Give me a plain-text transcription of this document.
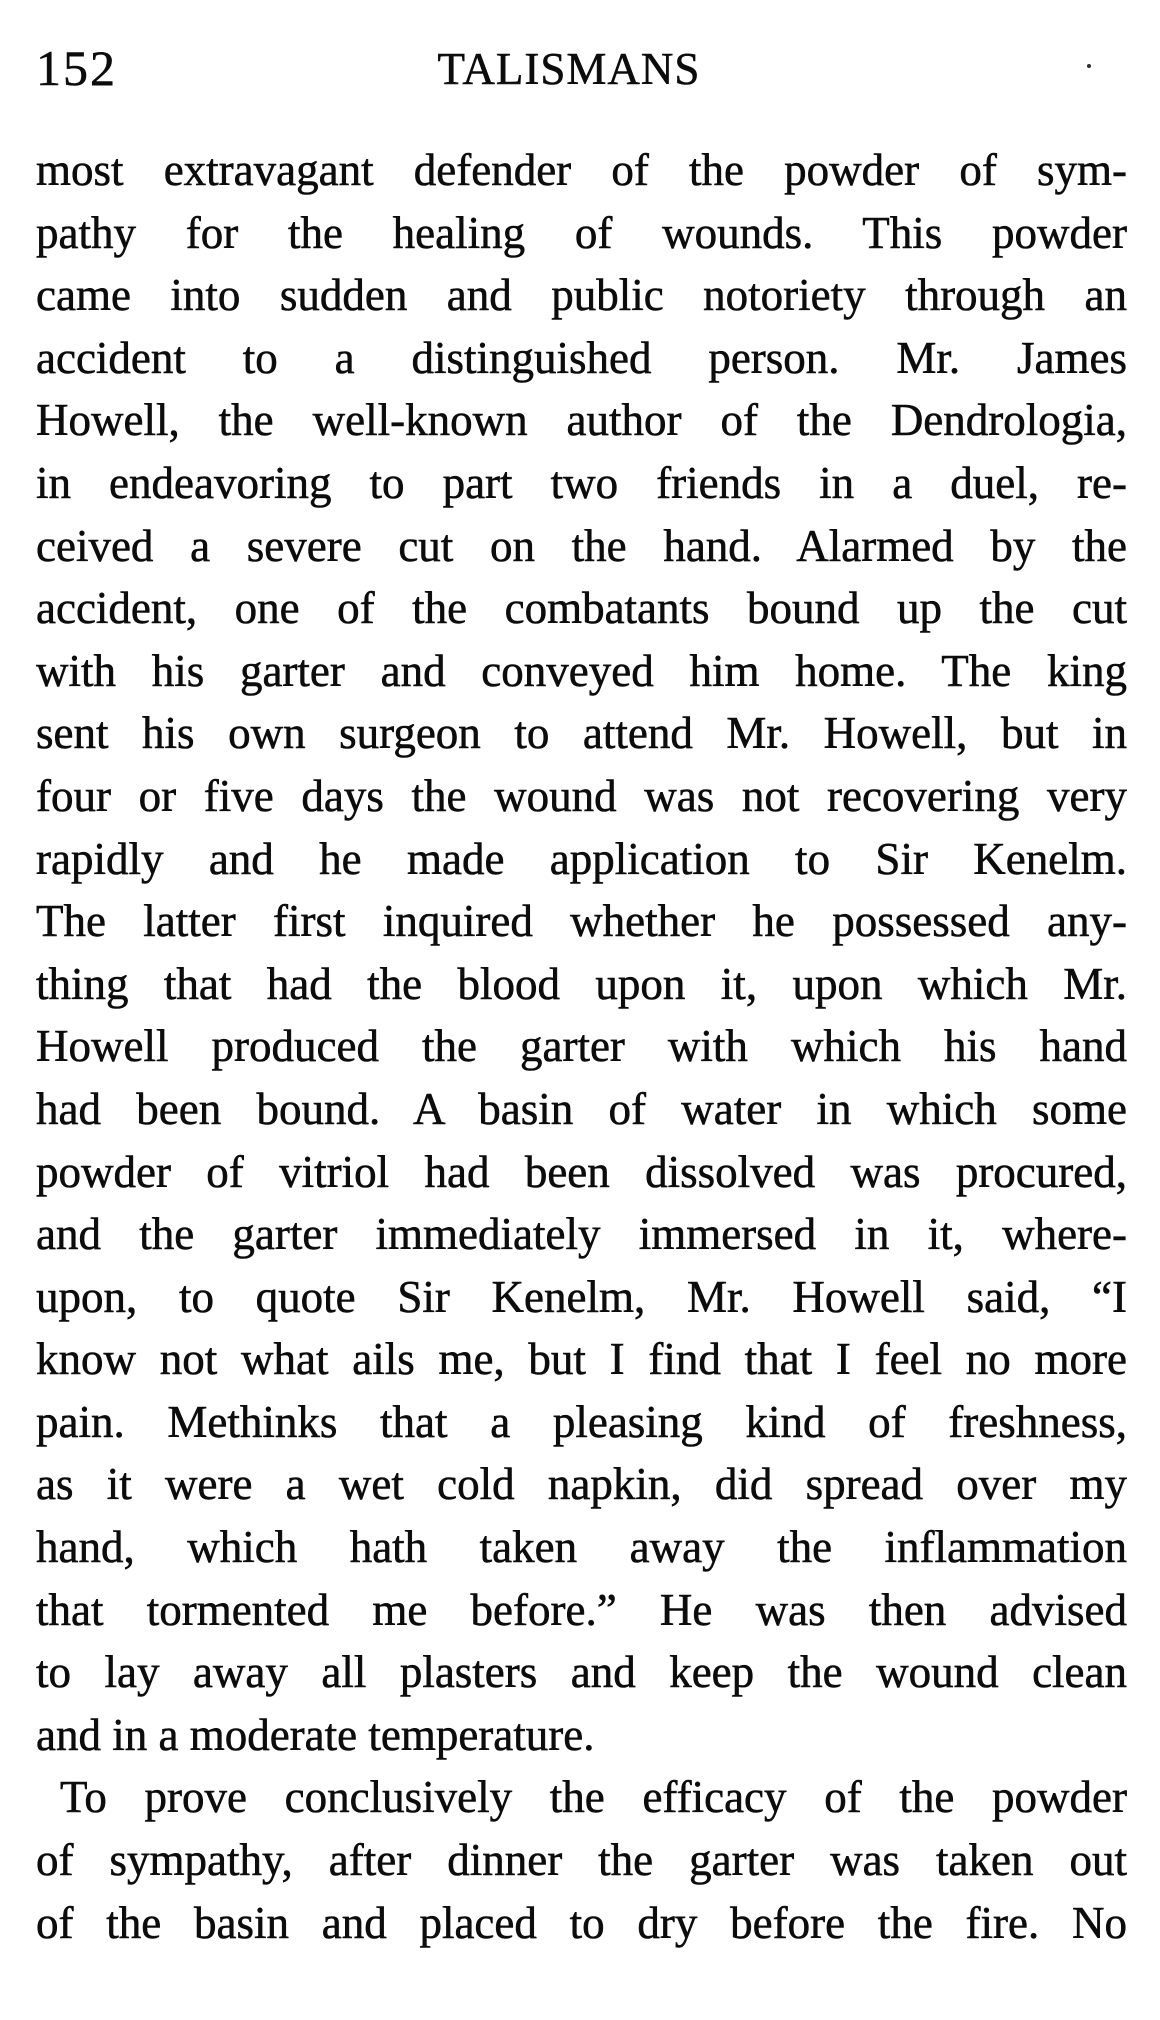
152	TALISMANS
most extravagant defender of the powder of sym-
pathy for the healing of wounds. This powder
came into sudden and public notoriety through an
accident to a distinguished person. Mr. James
Howell, the well-known author of the Dendrologia,
in endeavoring to part two friends in a duel, re-
ceived a severe cut on the hand. Alarmed by the
accident, one of the combatants bound up the cut
with his garter and conveyed him home. The king
sent his own surgeon to attend Mr. Howell, but in
four or five days the wound was not recovering very
rapidly and he made application to Sir Kenelm.
The latter first inquired whether he possessed any-
thing that had the blood upon it, upon which Mr.
Howell produced the garter with which his hand
had been bound. A basin of water in which some
powder of vitriol had been dissolved was procured,
and the garter immediately immersed in it, where-
upon, to quote Sir Kenelm, Mr. Howell said, “I
know not what ails me, but I find that I feel no more
pain. Methinks that a pleasing kind of freshness,
as it were a wet cold napkin, did spread over my
hand, which hath taken away the inflammation
that tormented me before.” He was then advised
to lay away all plasters and keep the wound clean
and in a moderate temperature.
To prove conclusively the efficacy of the powder
of sympathy, after dinner the garter was taken out
of the basin and placed to dry before the fire. No
